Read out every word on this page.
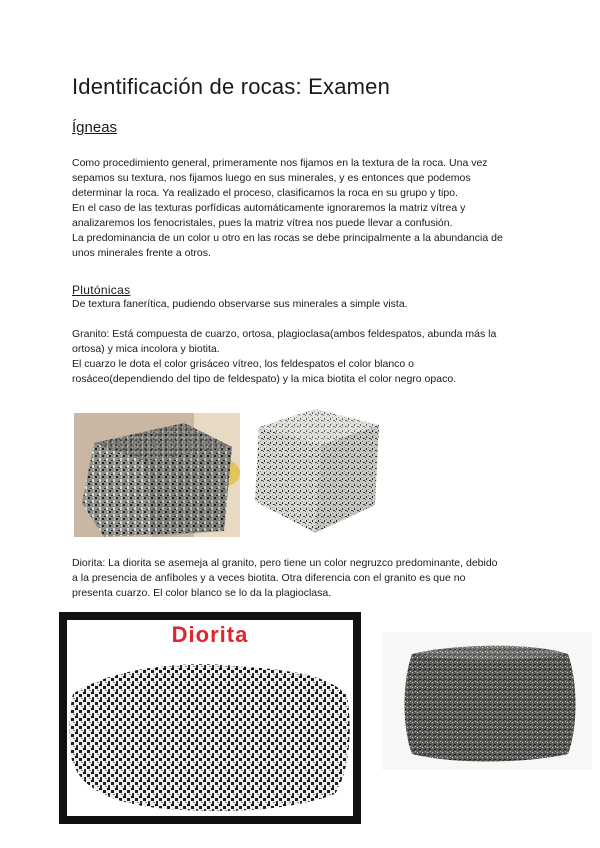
Identificación de rocas: Examen
Ígneas
Como procedimiento general, primeramente nos fijamos en la textura de la roca. Una vez
sepamos su textura, nos fijamos luego en sus minerales, y es entonces que podemos
determinar la roca. Ya realizado el proceso, clasificamos la roca en su grupo y tipo.
En el caso de las texturas porfídicas automáticamente ignoraremos la matriz vítrea y
analizaremos los fenocristales, pues la matriz vítrea nos puede llevar a confusión.
La predominancia de un color u otro en las rocas se debe principalmente a la abundancia de
unos minerales frente a otros.
Plutónicas
De textura fanerítica, pudiendo observarse sus minerales a simple vista.
Granito: Está compuesta de cuarzo, ortosa, plagioclasa(ambos feldespatos, abunda más la
ortosa) y mica incolora y biotita.
El cuarzo le dota el color grisáceo vítreo, los feldespatos el color blanco o
rosáceo(dependiendo del tipo de feldespato) y la mica biotita el color negro opaco.
Diorita: La diorita se asemeja al granito, pero tiene un color negruzco predominante, debido
a la presencia de anfíboles y a veces biotita. Otra diferencia con el granito es que no
presenta cuarzo. El color blanco se lo da la plagioclasa.
Diorita
